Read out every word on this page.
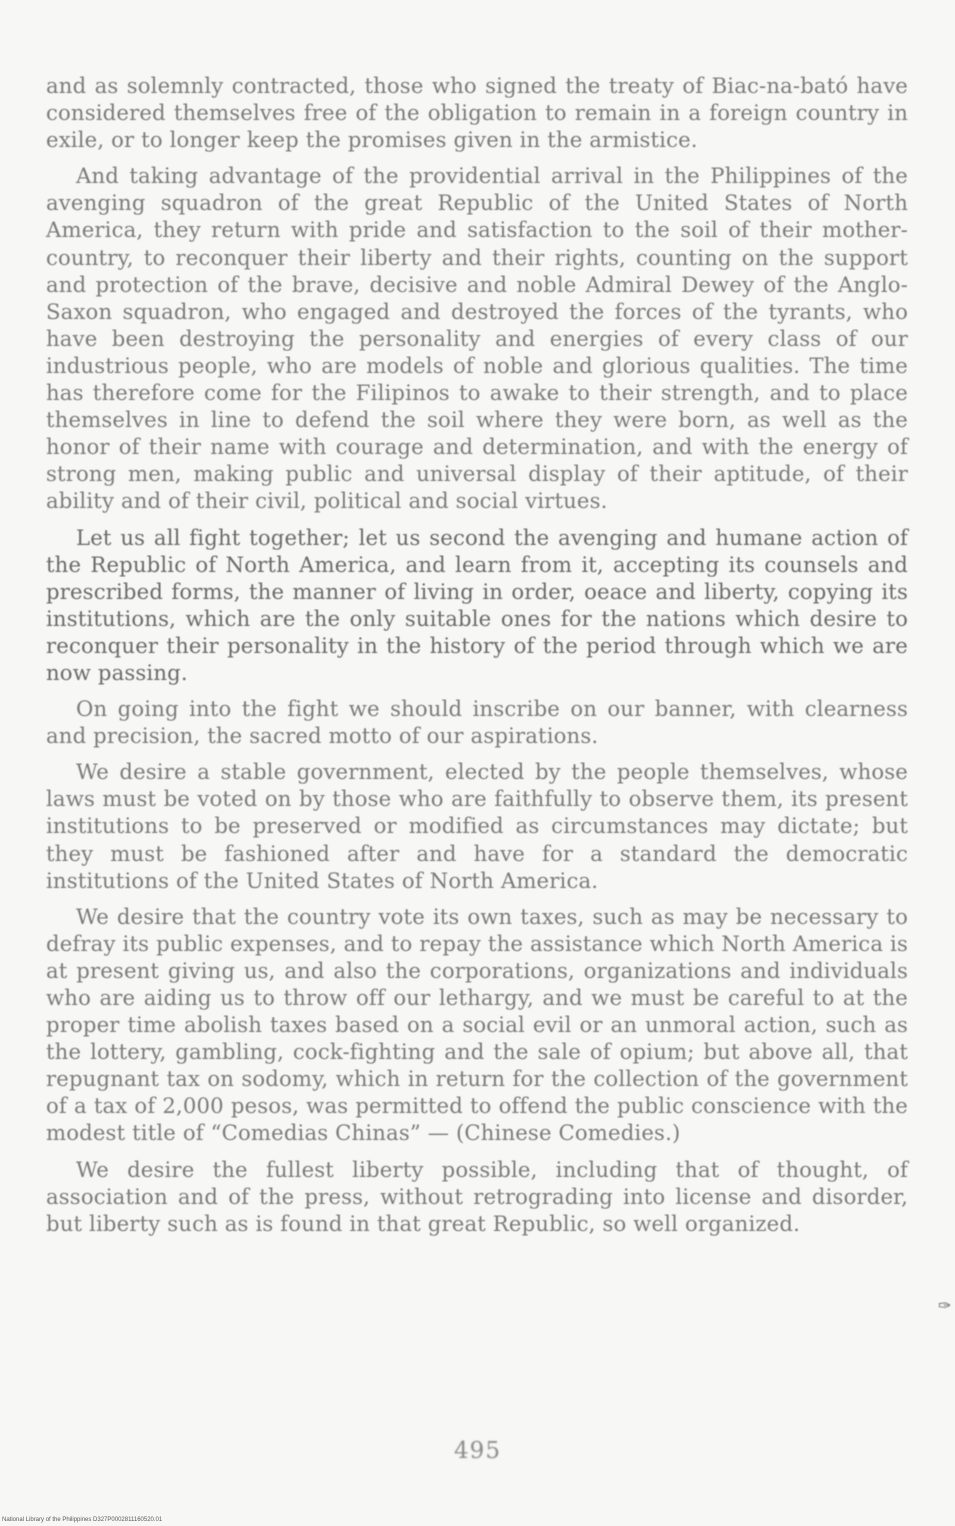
and as solemnly contracted, those who signed the treaty of Biac-na-bató have considered themselves free of the obligation to remain in a foreign country in exile, or to longer keep the promises given in the armistice.

And taking advantage of the providential arrival in the Philippines of the avenging squadron of the great Republic of the United States of North America, they return with pride and satisfaction to the soil of their mother-country, to reconquer their liberty and their rights, counting on the support and protection of the brave, decisive and noble Admiral Dewey of the Anglo-Saxon squadron, who engaged and destroyed the forces of the tyrants, who have been destroying the personality and energies of every class of our industrious people, who are models of noble and glorious qualities. The time has therefore come for the Filipinos to awake to their strength, and to place themselves in line to defend the soil where they were born, as well as the honor of their name with courage and determination, and with the energy of strong men, making public and universal display of their aptitude, of their ability and of their civil, political and social virtues.

Let us all fight together; let us second the avenging and humane action of the Republic of North America, and learn from it, accepting its counsels and prescribed forms, the manner of living in order, oeace and liberty, copying its institutions, which are the only suitable ones for the nations which desire to reconquer their personality in the history of the period through which we are now passing.

On going into the fight we should inscribe on our banner, with clearness and precision, the sacred motto of our aspirations.

We desire a stable government, elected by the people themselves, whose laws must be voted on by those who are faithfully to observe them, its present institutions to be preserved or modified as circumstances may dictate; but they must be fashioned after and have for a standard the democratic institutions of the United States of North America.

We desire that the country vote its own taxes, such as may be necessary to defray its public expenses, and to repay the assistance which North America is at present giving us, and also the corporations, organizations and individuals who are aiding us to throw off our lethargy, and we must be careful to at the proper time abolish taxes based on a social evil or an unmoral action, such as the lottery, gambling, cock-fighting and the sale of opium; but above all, that repugnant tax on sodomy, which in return for the collection of the government of a tax of 2,000 pesos, was permitted to offend the public conscience with the modest title of “Comedias Chinas” — (Chinese Comedies.)

We desire the fullest liberty possible, including that of thought, of association and of the press, without retrograding into license and disorder, but liberty such as is found in that great Republic, so well organized.

✑
495
National Library of the Philippines D327P0002811160520.01
